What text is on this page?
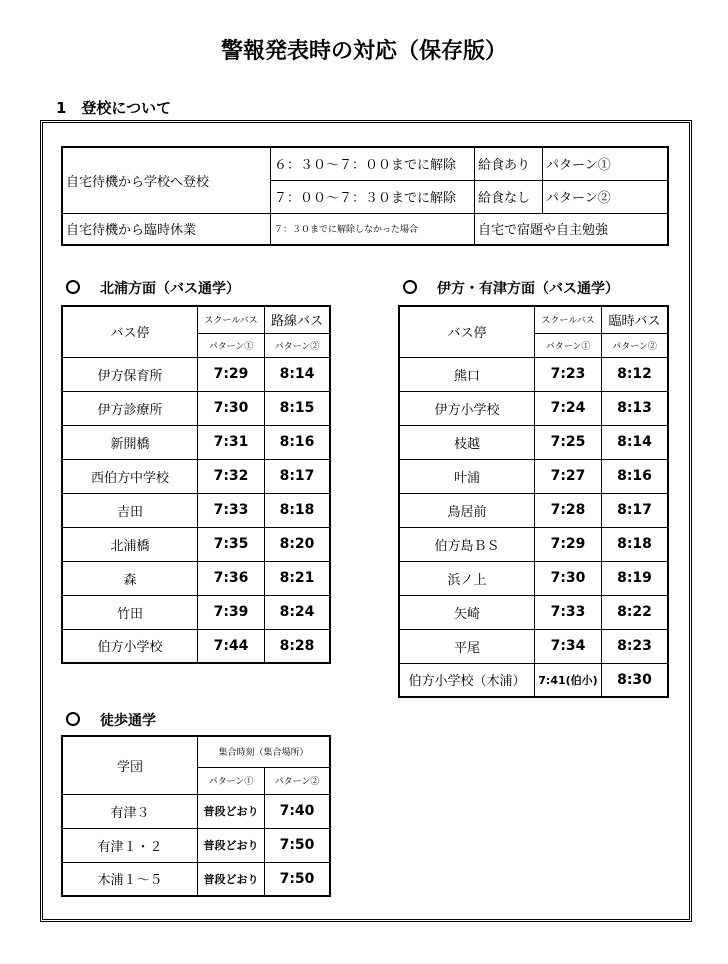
警報発表時の対応（保存版）
1　登校について
自宅待機から学校へ登校	６：３０～７：００までに解除	給食あり	パターン①
	７：００～７：３０までに解除	給食なし	パターン②
自宅待機から臨時休業	７：３０までに解除しなかった場合	自宅で宿題や自主勉強	
北浦方面（バス通学）
バス停	スクールバス	路線バス
	パターン①	パターン②
伊方保育所	7:29	8:14
伊方診療所	7:30	8:15
新開橋	7:31	8:16
西伯方中学校	7:32	8:17
吉田	7:33	8:18
北浦橋	7:35	8:20
森	7:36	8:21
竹田	7:39	8:24
伯方小学校	7:44	8:28
伊方・有津方面（バス通学）
バス停	スクールバス	臨時バス
	パターン①	パターン②
熊口	7:23	8:12
伊方小学校	7:24	8:13
枝越	7:25	8:14
叶浦	7:27	8:16
鳥居前	7:28	8:17
伯方島ＢＳ	7:29	8:18
浜ノ上	7:30	8:19
矢崎	7:33	8:22
平尾	7:34	8:23
伯方小学校（木浦）	7:41(伯小)	8:30
徒歩通学
学団	集合時刻（集合場所）	
	パターン①	パターン②
有津３	普段どおり	7:40
有津１・２	普段どおり	7:50
木浦１～５	普段どおり	7:50
